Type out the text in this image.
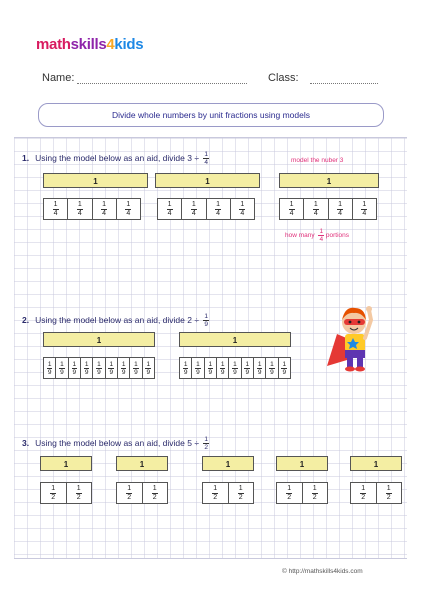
mathskills4kids
Name:	Class:
Divide whole numbers by unit fractions using models
1. Using the model below as an aid, divide $3 \div \frac{1}{4}$	model the nuber 3
1	1	1
1
4
1
4
1
4
1
4
1
4
1
4
1
4
1
4
1
4
1
4
1
4
1
4
how many $\frac{1}{4}$ portions
2. Using the model below as an aid, divide $2 \div \frac{1}{9}$
1	1
1
9
1
9
1
9
1
9
1
9
1
9
1
9
1
9
1
9
1
9
1
9
1
9
1
9
1
9
1
9
1
9
1
9
1
9
3. Using the model below as an aid, divide $5 \div \frac{1}{2}$
1	1	1	1	1
1
2
1
2
1
2
1
2
1
2
1
2
1
2
1
2
1
2
1
2
© http://mathskills4kids.com
